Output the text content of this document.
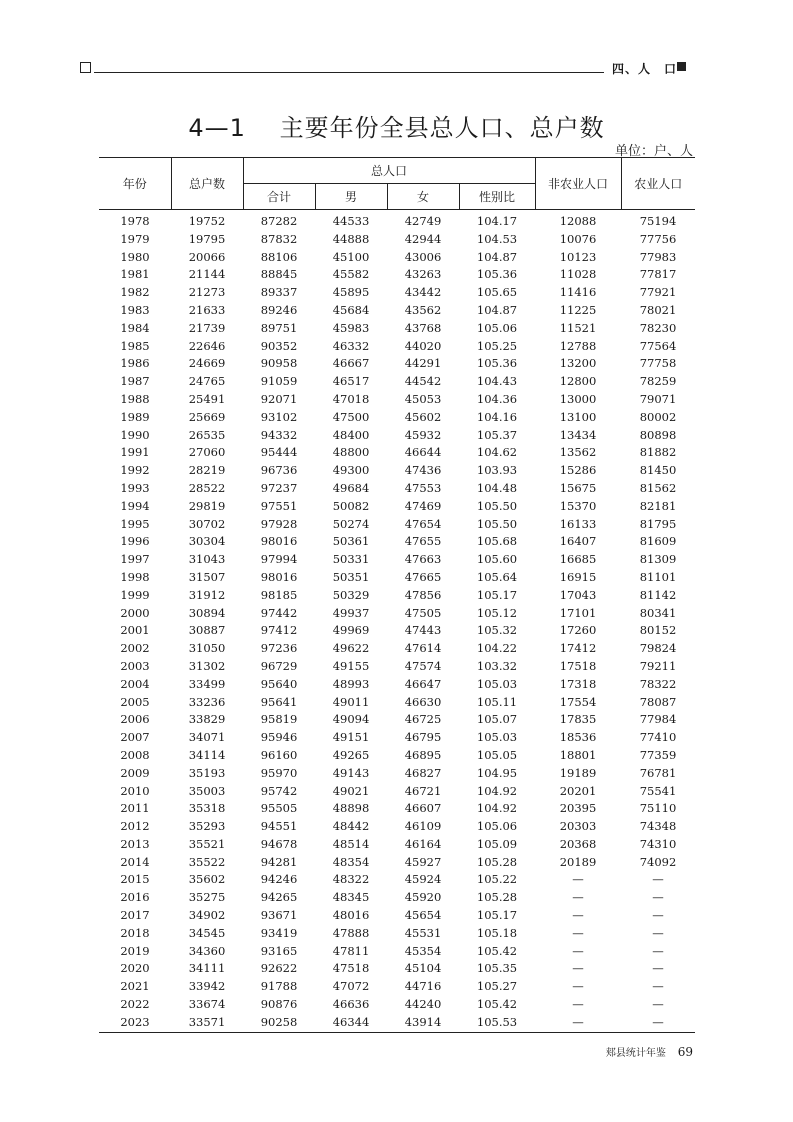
四、人　口
4—1　 主要年份全县总人口、总户数
单位：户、人
年份	总户数	总人口				非农业人口	农业人口
		合计	男	女	性别比		
1978	19752	87282	44533	42749	104.17	12088	75194
1979	19795	87832	44888	42944	104.53	10076	77756
1980	20066	88106	45100	43006	104.87	10123	77983
1981	21144	88845	45582	43263	105.36	11028	77817
1982	21273	89337	45895	43442	105.65	11416	77921
1983	21633	89246	45684	43562	104.87	11225	78021
1984	21739	89751	45983	43768	105.06	11521	78230
1985	22646	90352	46332	44020	105.25	12788	77564
1986	24669	90958	46667	44291	105.36	13200	77758
1987	24765	91059	46517	44542	104.43	12800	78259
1988	25491	92071	47018	45053	104.36	13000	79071
1989	25669	93102	47500	45602	104.16	13100	80002
1990	26535	94332	48400	45932	105.37	13434	80898
1991	27060	95444	48800	46644	104.62	13562	81882
1992	28219	96736	49300	47436	103.93	15286	81450
1993	28522	97237	49684	47553	104.48	15675	81562
1994	29819	97551	50082	47469	105.50	15370	82181
1995	30702	97928	50274	47654	105.50	16133	81795
1996	30304	98016	50361	47655	105.68	16407	81609
1997	31043	97994	50331	47663	105.60	16685	81309
1998	31507	98016	50351	47665	105.64	16915	81101
1999	31912	98185	50329	47856	105.17	17043	81142
2000	30894	97442	49937	47505	105.12	17101	80341
2001	30887	97412	49969	47443	105.32	17260	80152
2002	31050	97236	49622	47614	104.22	17412	79824
2003	31302	96729	49155	47574	103.32	17518	79211
2004	33499	95640	48993	46647	105.03	17318	78322
2005	33236	95641	49011	46630	105.11	17554	78087
2006	33829	95819	49094	46725	105.07	17835	77984
2007	34071	95946	49151	46795	105.03	18536	77410
2008	34114	96160	49265	46895	105.05	18801	77359
2009	35193	95970	49143	46827	104.95	19189	76781
2010	35003	95742	49021	46721	104.92	20201	75541
2011	35318	95505	48898	46607	104.92	20395	75110
2012	35293	94551	48442	46109	105.06	20303	74348
2013	35521	94678	48514	46164	105.09	20368	74310
2014	35522	94281	48354	45927	105.28	20189	74092
2015	35602	94246	48322	45924	105.22	—	—
2016	35275	94265	48345	45920	105.28	—	—
2017	34902	93671	48016	45654	105.17	—	—
2018	34545	93419	47888	45531	105.18	—	—
2019	34360	93165	47811	45354	105.42	—	—
2020	34111	92622	47518	45104	105.35	—	—
2021	33942	91788	47072	44716	105.27	—	—
2022	33674	90876	46636	44240	105.42	—	—
2023	33571	90258	46344	43914	105.53	—	—
郏县统计年鉴 69
